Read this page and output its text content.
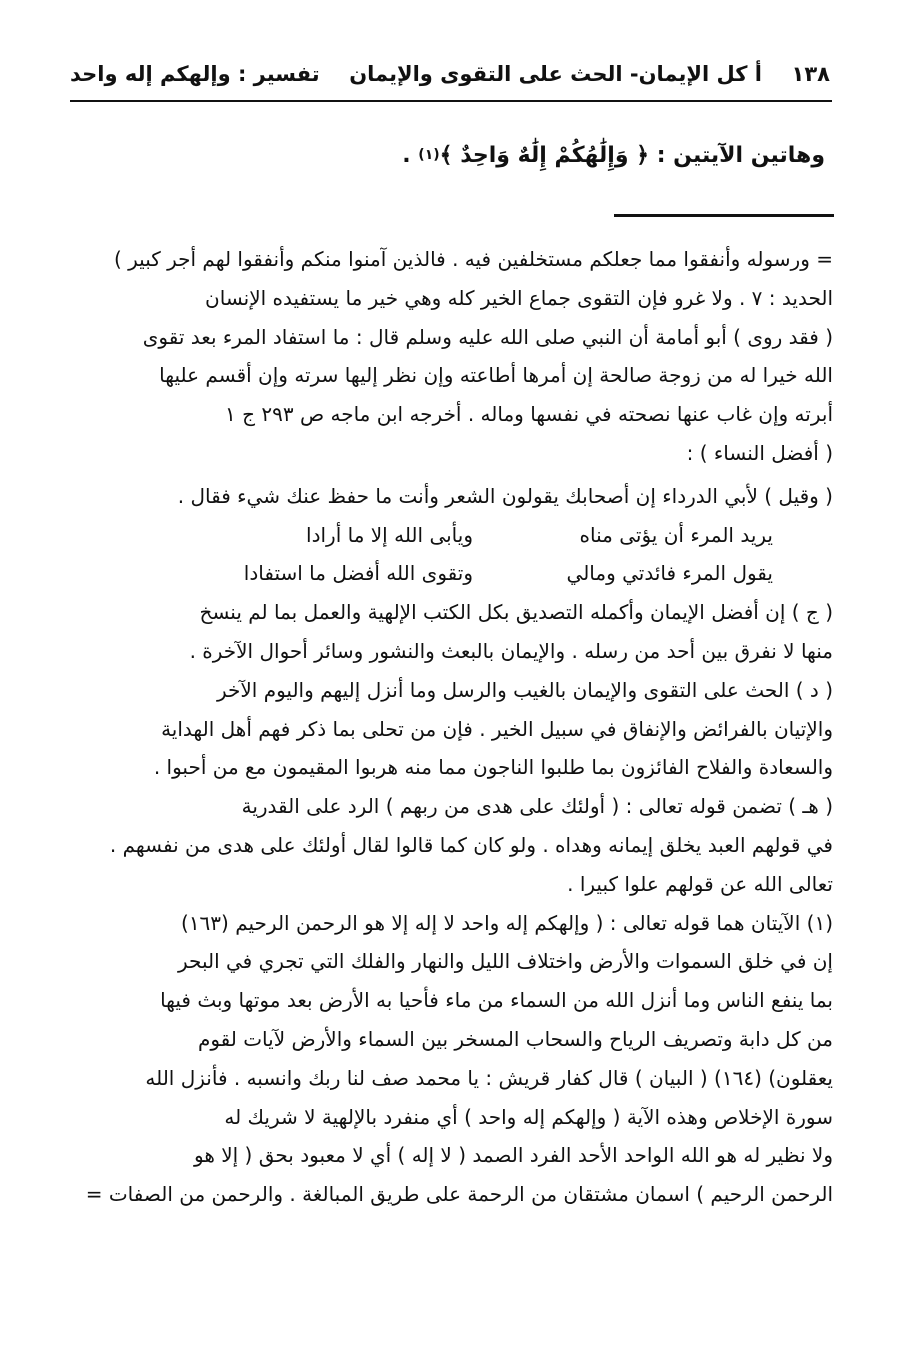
١٣٨
أ كل الإيمان- الحث على التقوى والإيمان
تفسير : وإلهكم إله واحد
وهاتين الآيتين : ﴿ وَإِلَٰهُكُمْ إِلَٰهٌ وَاحِدٌ ﴾
(١)

.
= ورسوله وأنفقوا مما جعلكم مستخلفين فيه . فالذين آمنوا منكم وأنفقوا لهم أجر كبير )
الحديد : ٧ . ولا غرو فإن التقوى جماع الخير كله وهي خير ما يستفيده الإنسان
( فقد روى ) أبو أمامة أن النبي صلى الله عليه وسلم قال : ما استفاد المرء بعد تقوى
الله خيرا له من زوجة صالحة إن أمرها أطاعته وإن نظر إليها سرته وإن أقسم عليها
أبرته وإن غاب عنها نصحته في نفسها وماله . أخرجه ابن ماجه ص ٢٩٣ ج ١
( أفضل النساء ) :
( وقيل ) لأبي الدرداء إن أصحابك يقولون الشعر وأنت ما حفظ عنك شيء فقال .
يريد المرء أن يؤتى مناه
ويأبى الله إلا ما أرادا
يقول المرء فائدتي ومالي
وتقوى الله أفضل ما استفادا
( ج ) إن أفضل الإيمان وأكمله التصديق بكل الكتب الإلهية والعمل بما لم ينسخ
منها لا نفرق بين أحد من رسله . والإيمان بالبعث والنشور وسائر أحوال الآخرة .
( د ) الحث على التقوى والإيمان بالغيب والرسل وما أنزل إليهم واليوم الآخر
والإتيان بالفرائض والإنفاق في سبيل الخير . فإن من تحلى بما ذكر فهم أهل الهداية
والسعادة والفلاح الفائزون بما طلبوا الناجون مما منه هربوا المقيمون مع من أحبوا .
( هـ ) تضمن قوله تعالى : ( أولئك على هدى من ربهم ) الرد على القدرية
في قولهم العبد يخلق إيمانه وهداه . ولو كان كما قالوا لقال أولئك على هدى من نفسهم .
تعالى الله عن قولهم علوا كبيرا .
(١) الآيتان هما قوله تعالى : ( وإلهكم إله واحد لا إله إلا هو الرحمن الرحيم (١٦٣)
إن في خلق السموات والأرض واختلاف الليل والنهار والفلك التي تجري في البحر
بما ينفع الناس وما أنزل الله من السماء من ماء فأحيا به الأرض بعد موتها وبث فيها
من كل دابة وتصريف الرياح والسحاب المسخر بين السماء والأرض لآيات لقوم
يعقلون) (١٦٤) ( البيان ) قال كفار قريش : يا محمد صف لنا ربك وانسبه . فأنزل الله
سورة الإخلاص وهذه الآية ( وإلهكم إله واحد ) أي منفرد بالإلهية لا شريك له
ولا نظير له هو الله الواحد الأحد الفرد الصمد ( لا إله ) أي لا معبود بحق ( إلا هو
الرحمن الرحيم ) اسمان مشتقان من الرحمة على طريق المبالغة . والرحمن من الصفات =
